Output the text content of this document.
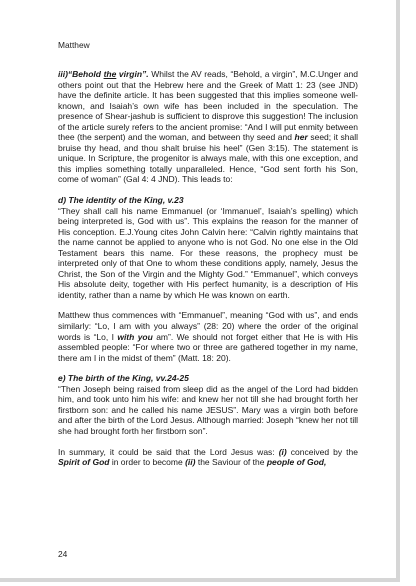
Matthew

iii)“Behold the virgin”. Whilst the AV reads, “Behold, a virgin”, M.C.Unger and others point out that the Hebrew here and the Greek of Matt 1: 23 (see JND) have the definite article. It has been suggested that this implies someone well-known, and Isaiah’s own wife has been included in the speculation. The presence of Shear-jashub is sufficient to disprove this suggestion! The inclusion of the article surely refers to the ancient promise: “And I will put enmity between thee (the serpent) and the woman, and between thy seed and her seed; it shall bruise thy head, and thou shalt bruise his heel” (Gen 3:15). The statement is unique. In Scripture, the progenitor is always male, with this one exception, and this implies something totally unparalleled. Hence, “God sent forth his Son, come of woman” (Gal 4: 4 JND). This leads to:

d) The identity of the King, v.23

“They shall call his name Emmanuel (or ‘Immanuel’, Isaiah’s spelling) which being interpreted is, God with us”. This explains the reason for the manner of His conception. E.J.Young cites John Calvin here: “Calvin rightly maintains that the name cannot be applied to anyone who is not God. No one else in the Old Testament bears this name. For these reasons, the prophecy must be interpreted only of that One to whom these conditions apply, namely, Jesus the Christ, the Son of the Virgin and the Mighty God.” “Emmanuel”, which conveys His absolute deity, together with His perfect humanity, is a description of His identity, rather than a name by which He was known on earth.

Matthew thus commences with “Emmanuel”, meaning “God with us”, and ends similarly: “Lo, I am with you always” (28: 20) where the order of the original words is “Lo, I with you am”. We should not forget either that He is with His assembled people: “For where two or three are gathered together in my name, there am I in the midst of them” (Matt. 18: 20).

e) The birth of the King, vv.24-25

“Then Joseph being raised from sleep did as the angel of the Lord had bidden him, and took unto him his wife: and knew her not till she had brought forth her firstborn son: and he called his name JESUS”. Mary was a virgin both before and after the birth of the Lord Jesus. Although married: Joseph “knew her not till she had brought forth her firstborn son”.

In summary, it could be said that the Lord Jesus was: (i) conceived by the Spirit of God in order to become (ii) the Saviour of the people of God,

24
